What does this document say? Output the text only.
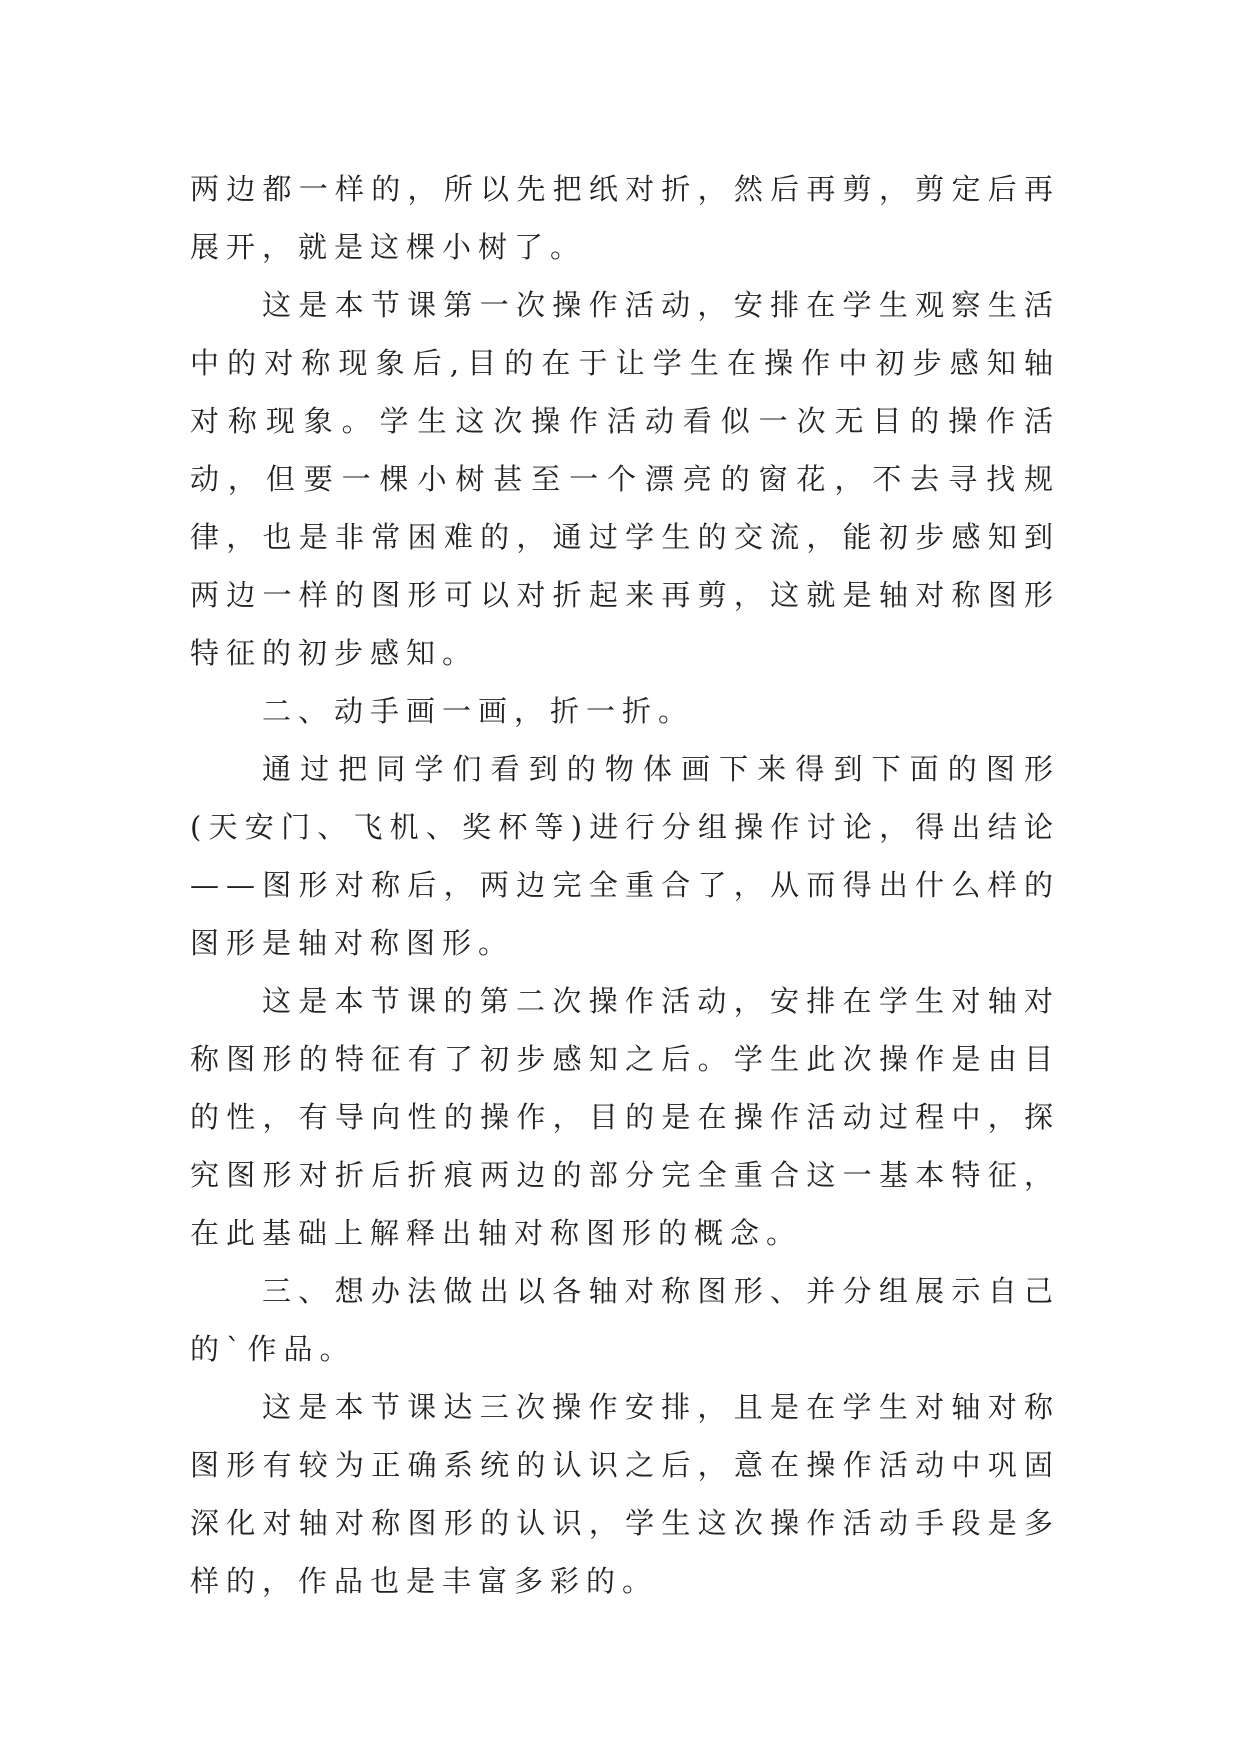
两边都一样的，所以先把纸对折，然后再剪，剪定后再展开，就是这棵小树了。

这是本节课第一次操作活动，安排在学生观察生活中的对称现象后,目的在于让学生在操作中初步感知轴对称现象。学生这次操作活动看似一次无目的操作活动，但要一棵小树甚至一个漂亮的窗花，不去寻找规律，也是非常困难的，通过学生的交流，能初步感知到两边一样的图形可以对折起来再剪，这就是轴对称图形特征的初步感知。

二、动手画一画，折一折。

通过把同学们看到的物体画下来得到下面的图形(天安门、飞机、奖杯等)进行分组操作讨论，得出结论——图形对称后，两边完全重合了，从而得出什么样的图形是轴对称图形。

这是本节课的第二次操作活动，安排在学生对轴对称图形的特征有了初步感知之后。学生此次操作是由目的性，有导向性的操作，目的是在操作活动过程中，探究图形对折后折痕两边的部分完全重合这一基本特征，在此基础上解释出轴对称图形的概念。

三、想办法做出以各轴对称图形、并分组展示自己的`作品。

这是本节课达三次操作安排，且是在学生对轴对称图形有较为正确系统的认识之后，意在操作活动中巩固深化对轴对称图形的认识，学生这次操作活动手段是多样的，作品也是丰富多彩的。
